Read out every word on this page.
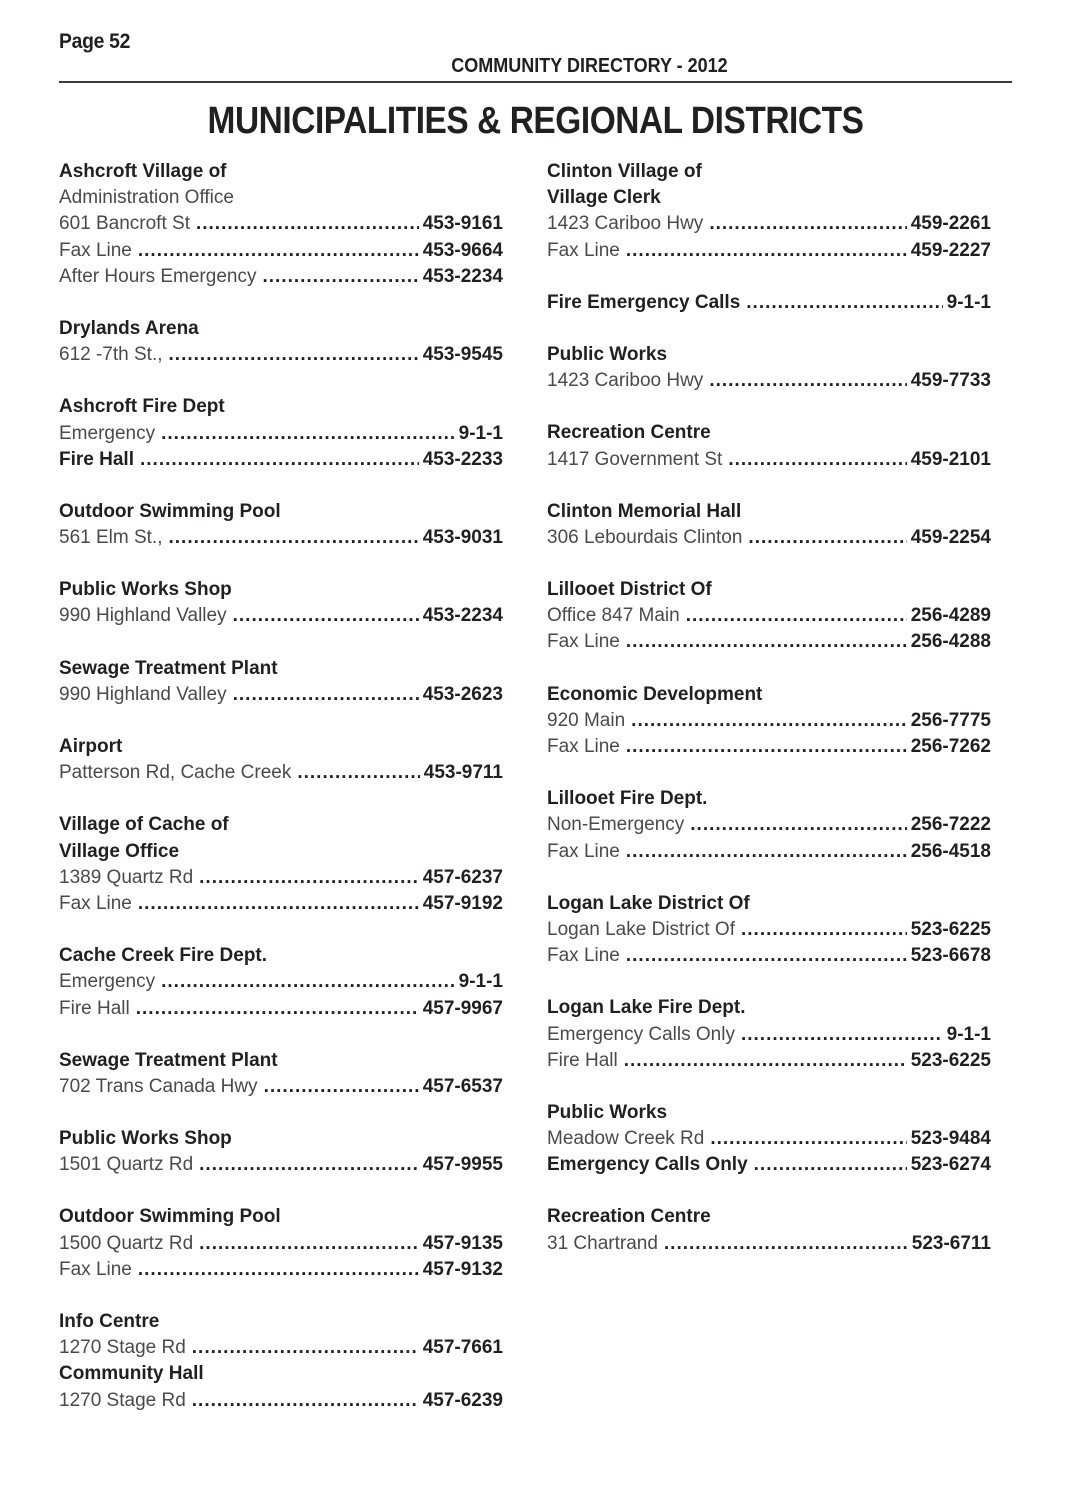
Page 52
COMMUNITY DIRECTORY - 2012
MUNICIPALITIES & REGIONAL DISTRICTS
Ashcroft Village of
Administration Office
601 Bancroft St .....	453-9161
Fax Line .....	453-9664
After Hours Emergency .....	453-2234
Drylands Arena
612 -7th St., .....	453-9545
Ashcroft Fire Dept
Emergency .....	9-1-1
Fire Hall .....	453-2233
Outdoor Swimming Pool
561 Elm St., .....	453-9031
Public Works Shop
990 Highland Valley .....	453-2234
Sewage Treatment Plant
990 Highland Valley .....	453-2623
Airport
Patterson Rd, Cache Creek .....	453-9711
Village of Cache of
Village Office
1389 Quartz Rd .....	457-6237
Fax Line .....	457-9192
Cache Creek Fire Dept.
Emergency .....	9-1-1
Fire Hall .....	457-9967
Sewage Treatment Plant
702 Trans Canada Hwy .....	457-6537
Public Works Shop
1501 Quartz Rd .....	457-9955
Outdoor Swimming Pool
1500 Quartz Rd .....	457-9135
Fax Line .....	457-9132
Info Centre
1270 Stage Rd .....	457-7661
Community Hall
1270 Stage Rd .....	457-6239
Clinton Village of
Village Clerk
1423 Cariboo Hwy .....	459-2261
Fax Line .....	459-2227
Fire Emergency Calls .....	9-1-1
Public Works
1423 Cariboo Hwy .....	459-7733
Recreation Centre
1417 Government St .....	459-2101
Clinton Memorial Hall
306 Lebourdais Clinton .....	459-2254
Lillooet District Of
Office 847 Main .....	256-4289
Fax Line .....	256-4288
Economic Development
920 Main .....	256-7775
Fax Line .....	256-7262
Lillooet Fire Dept.
Non-Emergency .....	256-7222
Fax Line .....	256-4518
Logan Lake District Of
Logan Lake District Of .....	523-6225
Fax Line .....	523-6678
Logan Lake Fire Dept.
Emergency Calls Only .....	9-1-1
Fire Hall .....	523-6225
Public Works
Meadow Creek Rd .....	523-9484
Emergency Calls Only .....	523-6274
Recreation Centre
31 Chartrand .....	523-6711
